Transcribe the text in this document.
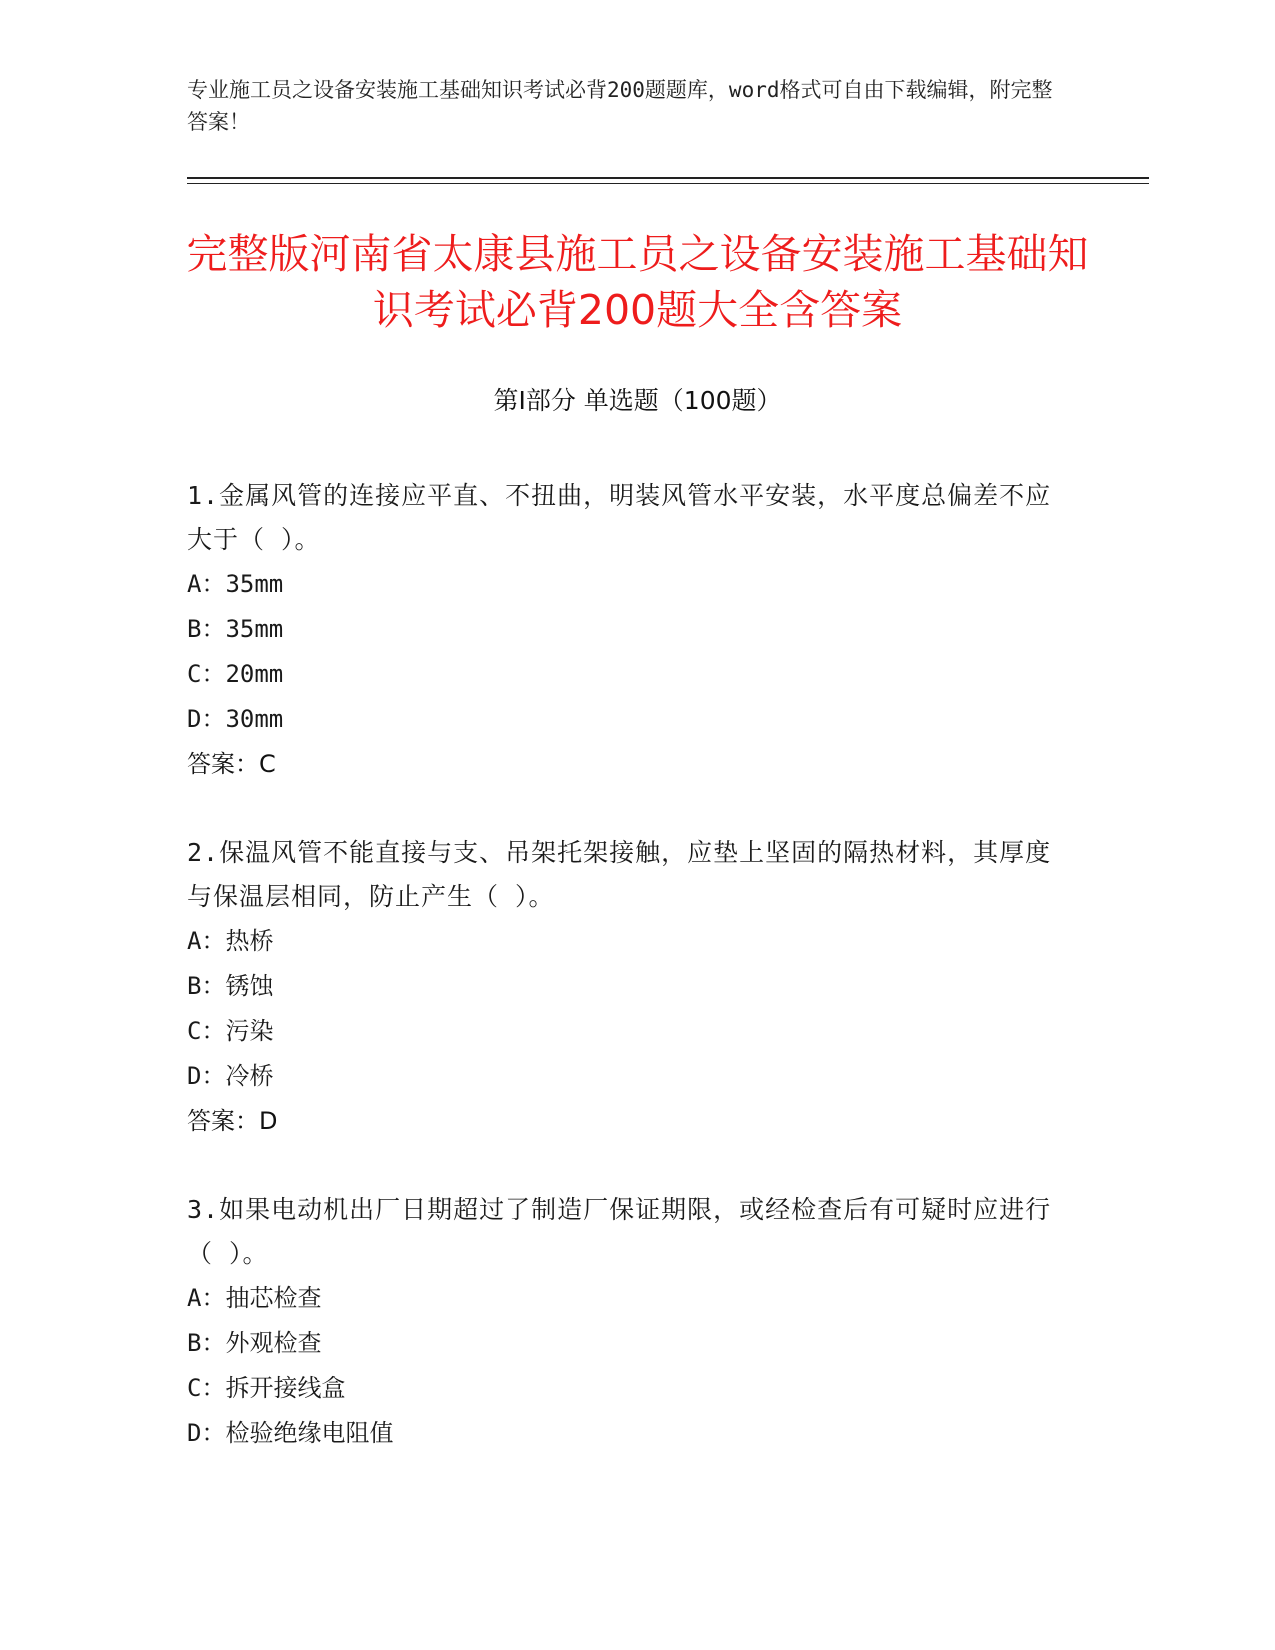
专业施工员之设备安装施工基础知识考试必背200题题库，word格式可自由下载编辑，附完整答案！
完整版河南省太康县施工员之设备安装施工基础知识考试必背200题大全含答案
第I部分 单选题（100题）
1.金属风管的连接应平直、不扭曲，明装风管水平安装，水平度总偏差不应大于（ ）。
A：35mm
B：35mm
C：20mm
D：30mm
答案：C
2.保温风管不能直接与支、吊架托架接触，应垫上坚固的隔热材料，其厚度与保温层相同，防止产生（ ）。
A：热桥
B：锈蚀
C：污染
D：冷桥
答案：D
3.如果电动机出厂日期超过了制造厂保证期限，或经检查后有可疑时应进行（ ）。
A：抽芯检查
B：外观检查
C：拆开接线盒
D：检验绝缘电阻值
